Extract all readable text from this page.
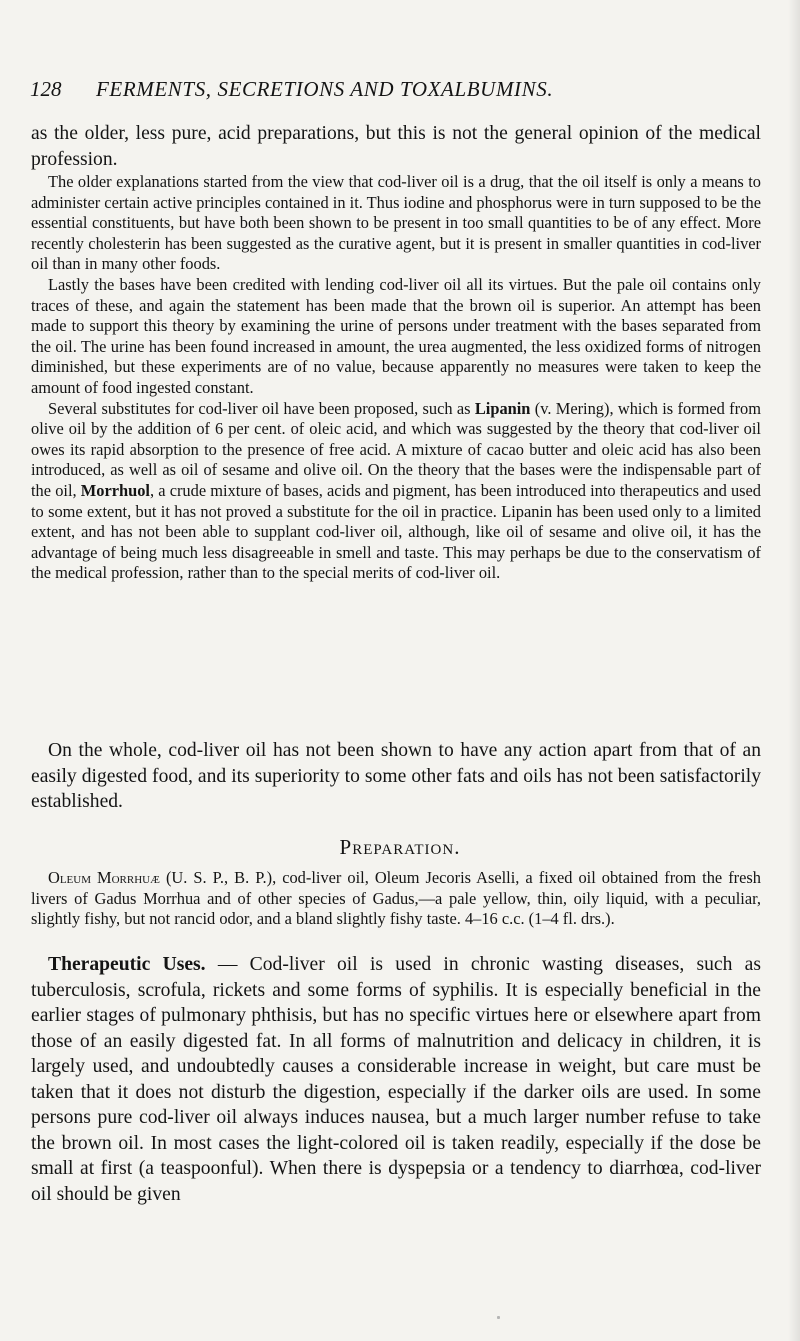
128 FERMENTS, SECRETIONS AND TOXALBUMINS.

as the older, less pure, acid preparations, but this is not the general opinion of the medical profession.

The older explanations started from the view that cod-liver oil is a drug, that the oil itself is only a means to administer certain active principles contained in it. Thus iodine and phosphorus were in turn supposed to be the essential constituents, but have both been shown to be present in too small quantities to be of any effect. More recently cholesterin has been suggested as the curative agent, but it is present in smaller quantities in cod-liver oil than in many other foods.

Lastly the bases have been credited with lending cod-liver oil all its virtues. But the pale oil contains only traces of these, and again the statement has been made that the brown oil is superior. An attempt has been made to support this theory by examining the urine of persons under treatment with the bases separated from the oil. The urine has been found increased in amount, the urea augmented, the less oxidized forms of nitrogen diminished, but these experiments are of no value, because apparently no measures were taken to keep the amount of food ingested constant.

Several substitutes for cod-liver oil have been proposed, such as Lipanin (v. Mering), which is formed from olive oil by the addition of 6 per cent. of oleic acid, and which was suggested by the theory that cod-liver oil owes its rapid absorption to the presence of free acid. A mixture of cacao butter and oleic acid has also been introduced, as well as oil of sesame and olive oil. On the theory that the bases were the indispensable part of the oil, Morrhuol, a crude mixture of bases, acids and pigment, has been introduced into therapeutics and used to some extent, but it has not proved a substitute for the oil in practice. Lipanin has been used only to a limited extent, and has not been able to supplant cod-liver oil, although, like oil of sesame and olive oil, it has the advantage of being much less disagreeable in smell and taste. This may perhaps be due to the conservatism of the medical profession, rather than to the special merits of cod-liver oil.

On the whole, cod-liver oil has not been shown to have any action apart from that of an easily digested food, and its superiority to some other fats and oils has not been satisfactorily established.

Preparation.

Oleum Morrhuæ (U. S. P., B. P.), cod-liver oil, Oleum Jecoris Aselli, a fixed oil obtained from the fresh livers of Gadus Morrhua and of other species of Gadus,—a pale yellow, thin, oily liquid, with a peculiar, slightly fishy, but not rancid odor, and a bland slightly fishy taste. 4–16 c.c. (1–4 fl. drs.).

Therapeutic Uses. — Cod-liver oil is used in chronic wasting diseases, such as tuberculosis, scrofula, rickets and some forms of syphilis. It is especially beneficial in the earlier stages of pulmonary phthisis, but has no specific virtues here or elsewhere apart from those of an easily digested fat. In all forms of malnutrition and delicacy in children, it is largely used, and undoubtedly causes a considerable increase in weight, but care must be taken that it does not disturb the digestion, especially if the darker oils are used. In some persons pure cod-liver oil always induces nausea, but a much larger number refuse to take the brown oil. In most cases the light-colored oil is taken readily, especially if the dose be small at first (a teaspoonful). When there is dyspepsia or a tendency to diarrhœa, cod-liver oil should be given
